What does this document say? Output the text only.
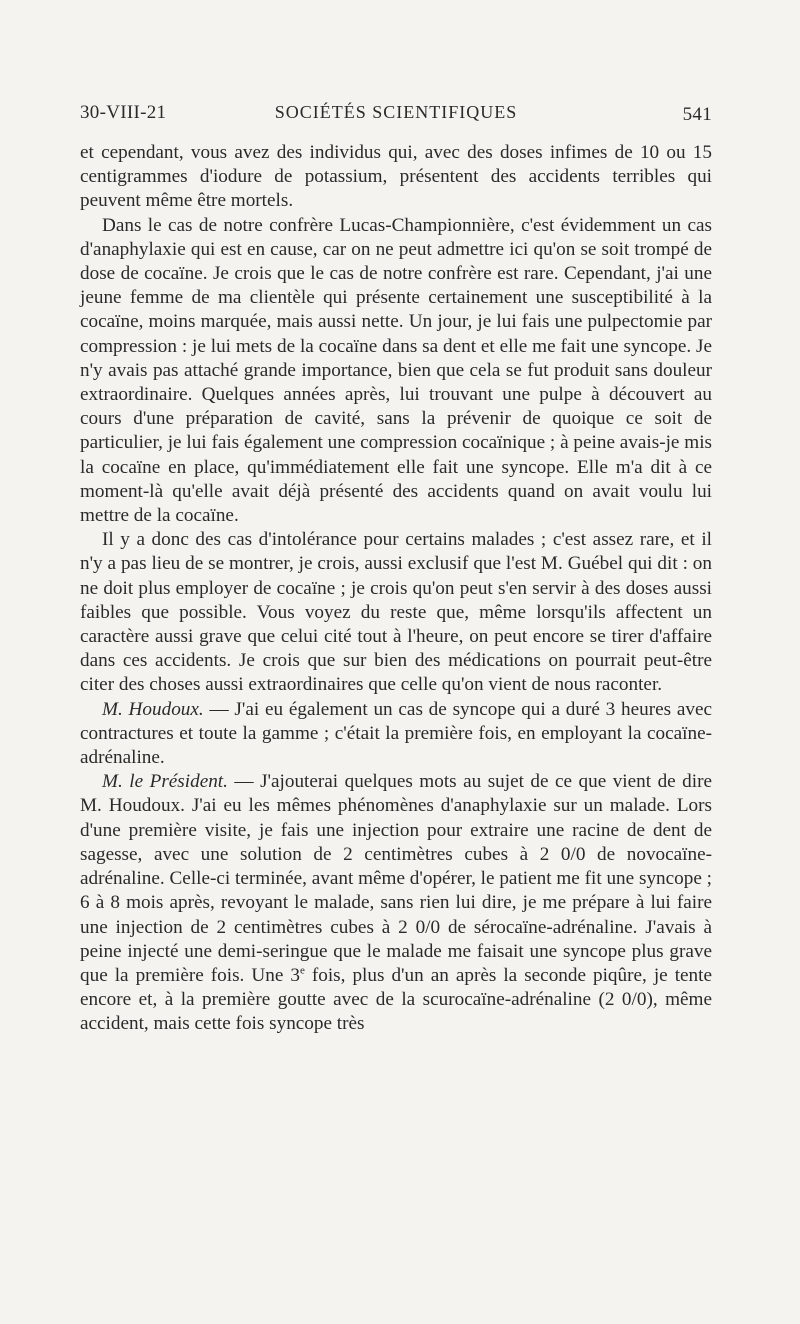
30-VIII-21	SOCIÉTÉS SCIENTIFIQUES	541

et cependant, vous avez des individus qui, avec des doses infimes de 10 ou 15 centigrammes d'iodure de potassium, présentent des accidents terribles qui peuvent même être mortels.

Dans le cas de notre confrère Lucas-Championnière, c'est évidemment un cas d'anaphylaxie qui est en cause, car on ne peut admettre ici qu'on se soit trompé de dose de cocaïne. Je crois que le cas de notre confrère est rare. Cependant, j'ai une jeune femme de ma clientèle qui présente certainement une susceptibilité à la cocaïne, moins marquée, mais aussi nette. Un jour, je lui fais une pulpectomie par compression : je lui mets de la cocaïne dans sa dent et elle me fait une syncope. Je n'y avais pas attaché grande importance, bien que cela se fut produit sans douleur extraordinaire. Quelques années après, lui trouvant une pulpe à découvert au cours d'une préparation de cavité, sans la prévenir de quoique ce soit de particulier, je lui fais également une compression cocaïnique ; à peine avais-je mis la cocaïne en place, qu'immédiatement elle fait une syncope. Elle m'a dit à ce moment-là qu'elle avait déjà présenté des accidents quand on avait voulu lui mettre de la cocaïne.

Il y a donc des cas d'intolérance pour certains malades ; c'est assez rare, et il n'y a pas lieu de se montrer, je crois, aussi exclusif que l'est M. Guébel qui dit : on ne doit plus employer de cocaïne ; je crois qu'on peut s'en servir à des doses aussi faibles que possible. Vous voyez du reste que, même lorsqu'ils affectent un caractère aussi grave que celui cité tout à l'heure, on peut encore se tirer d'affaire dans ces accidents. Je crois que sur bien des médications on pourrait peut-être citer des choses aussi extraordinaires que celle qu'on vient de nous raconter.

M. Houdoux. — J'ai eu également un cas de syncope qui a duré 3 heures avec contractures et toute la gamme ; c'était la première fois, en employant la cocaïne-adrénaline.

M. le Président. — J'ajouterai quelques mots au sujet de ce que vient de dire M. Houdoux. J'ai eu les mêmes phénomènes d'anaphylaxie sur un malade. Lors d'une première visite, je fais une injection pour extraire une racine de dent de sagesse, avec une solution de 2 centimètres cubes à 2 0/0 de novocaïne-adrénaline. Celle-ci terminée, avant même d'opérer, le patient me fit une syncope ; 6 à 8 mois après, revoyant le malade, sans rien lui dire, je me prépare à lui faire une injection de 2 centimètres cubes à 2 0/0 de sérocaïne-adrénaline. J'avais à peine injecté une demi-seringue que le malade me faisait une syncope plus grave que la première fois. Une 3e fois, plus d'un an après la seconde piqûre, je tente encore et, à la première goutte avec de la scurocaïne-adrénaline (2 0/0), même accident, mais cette fois syncope très
